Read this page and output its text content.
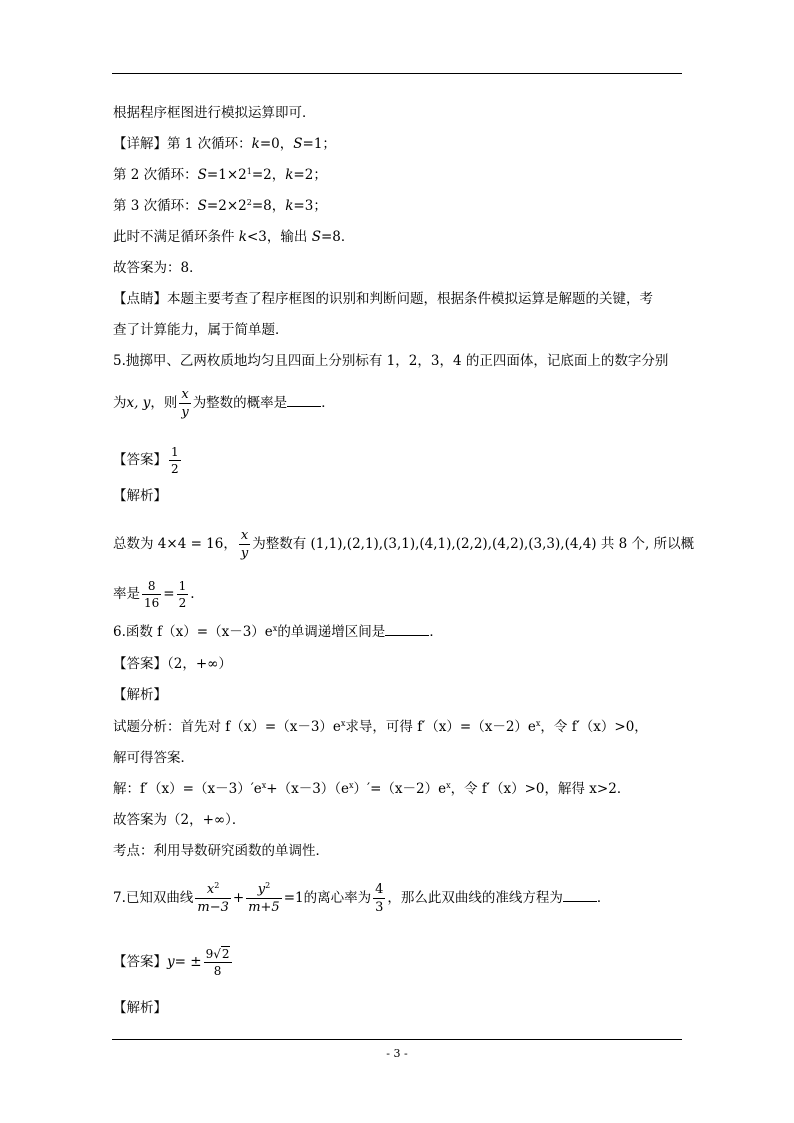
根据程序框图进行模拟运算即可．
【详解】第 1 次循环：k=0，S=1；
第 2 次循环：$S=1\times 2^1=2$，k=2；
第 3 次循环：$S=2\times 2^2=8$，k=3；
此时不满足循环条件 k<3，输出 S=8．
故答案为：8．
【点睛】本题主要考查了程序框图的识别和判断问题，根据条件模拟运算是解题的关键，考
查了计算能力，属于简单题．
5.抛掷甲、乙两枚质地均匀且四面上分别标有 1，2，3，4 的正四面体，记底面上的数字分别
为x, y，则 $\frac{x}{y}$ 为整数的概率是	．
【答案】 $\frac{1}{2}$
【解析】
总数为 4×4 = 16， $\frac{x}{y}$ 为整数有 (1,1),(2,1),(3,1),(4,1),(2,2),(4,2),(3,3),(4,4) 共 8 个, 所以概
率是 $\frac{8}{16} = \frac{1}{2}$ .
6.函数 $f(x)=(x-3)e^x$的单调递增区间是	．
【答案】（2，+∞）
【解析】
试题分析：首先对 $f(x)=(x-3)e^x$求导，可得 $f'(x)=(x-2)e^x$，令 f′（x）>0，
解可得答案．
解：$f'(x)=(x-3)'e^x+(x-3)(e^x)'=(x-2)e^x$，令 f′（x）>0，解得 x>2．
故答案为（2，+∞）．
考点：利用导数研究函数的单调性．
7.已知双曲线 $\frac{x^2}{m-3} + \frac{y^2}{m+5} =1$的离心率为 $\frac{4}{3}$ ，那么此双曲线的准线方程为	．
【答案】$y= \pm \frac{9√2}{8}$
【解析】
- 3 -
